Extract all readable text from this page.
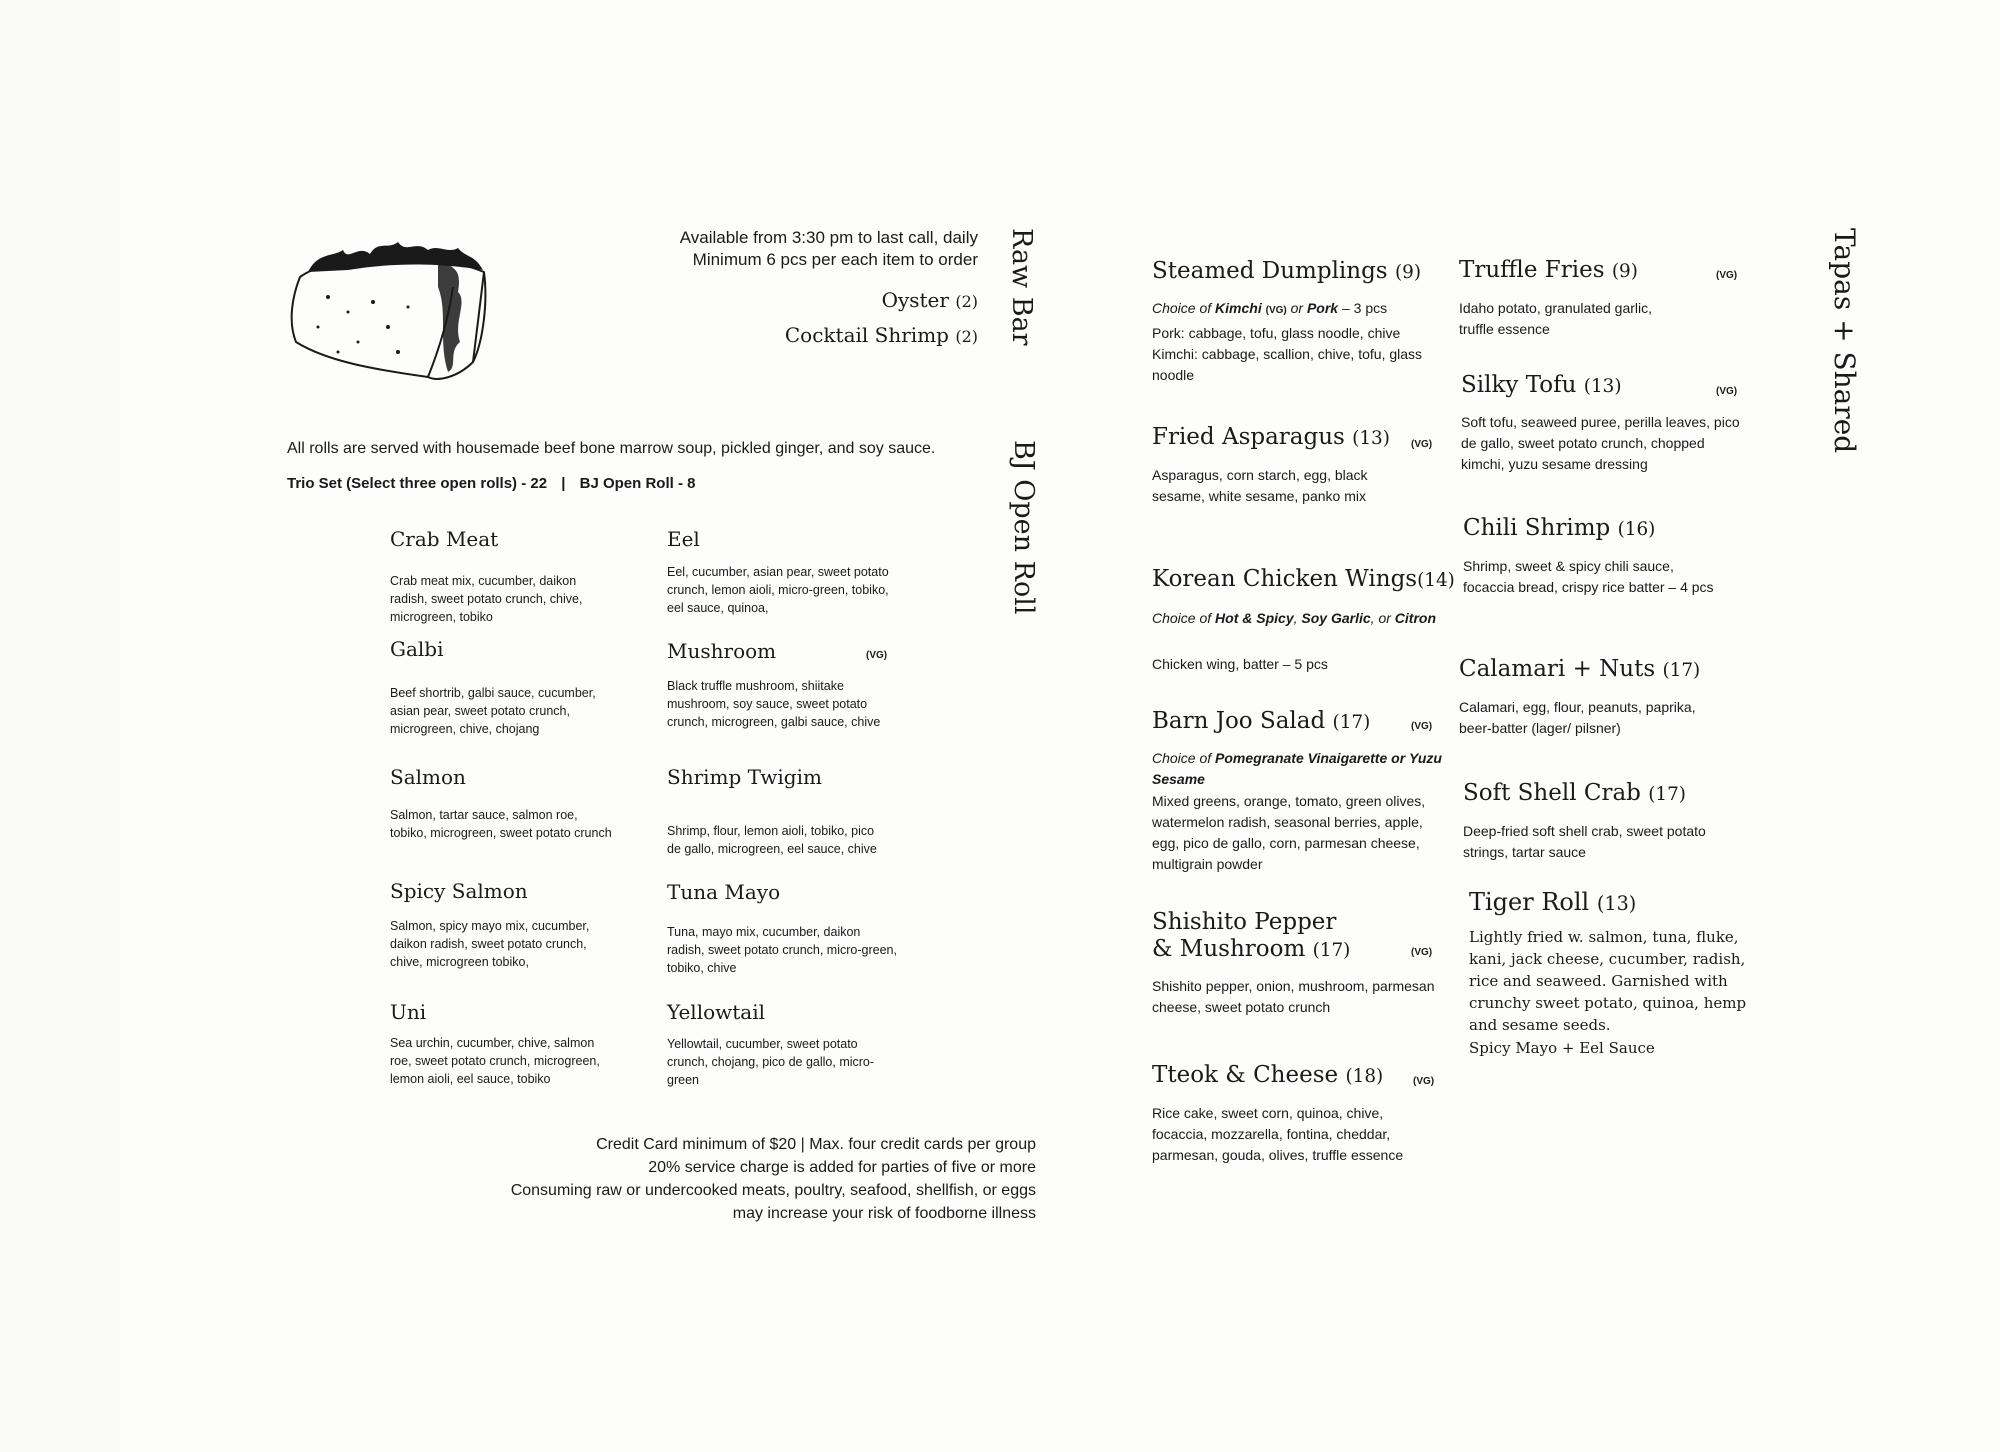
Available from 3:30 pm to last call, daily
Minimum 6 pcs per each item to order
Oyster (2)
Cocktail Shrimp (2) Raw Bar
BJ Open Roll
All rolls are served with housemade beef bone marrow soup, pickled ginger, and soy sauce.
Trio Set (Select three open rolls) - 22 | BJ Open Roll - 8
Crab Meat
Crab meat mix, cucumber, daikon radish, sweet potato crunch, chive, microgreen, tobiko
Galbi
Beef shortrib, galbi sauce, cucumber, asian pear, sweet potato crunch, microgreen, chive, chojang
Salmon
Salmon, tartar sauce, salmon roe, tobiko, microgreen, sweet potato crunch
Spicy Salmon
Salmon, spicy mayo mix, cucumber, daikon radish, sweet potato crunch, chive, microgreen tobiko,
Uni
Sea urchin, cucumber, chive, salmon roe, sweet potato crunch, microgreen, lemon aioli, eel sauce, tobiko
Eel
Eel, cucumber, asian pear, sweet potato crunch, lemon aioli, micro-green, tobiko, eel sauce, quinoa,
Mushroom	(VG)
Black truffle mushroom, shiitake mushroom, soy sauce, sweet potato crunch, microgreen, galbi sauce, chive
Shrimp Twigim
Shrimp, flour, lemon aioli, tobiko, pico de gallo, microgreen, eel sauce, chive
Tuna Mayo
Tuna, mayo mix, cucumber, daikon radish, sweet potato crunch, micro-green, tobiko, chive
Yellowtail
Yellowtail, cucumber, sweet potato crunch, chojang, pico de gallo, micro-green
Credit Card minimum of $20 | Max. four credit cards per group
20% service charge is added for parties of five or more
Consuming raw or undercooked meats, poultry, seafood, shellfish, or eggs
may increase your risk of foodborne illness
Tapas + Shared
Steamed Dumplings (9)
Choice of Kimchi (VG) or Pork – 3 pcs
Pork: cabbage, tofu, glass noodle, chive
Kimchi: cabbage, scallion, chive, tofu, glass noodle
Fried Asparagus (13) (VG)
Asparagus, corn starch, egg, black sesame, white sesame, panko mix
Korean Chicken Wings(14)
Choice of Hot & Spicy, Soy Garlic, or Citron
Chicken wing, batter – 5 pcs
Barn Joo Salad (17)	(VG)
Choice of Pomegranate Vinaigarette or Yuzu Sesame
Mixed greens, orange, tomato, green olives, watermelon radish, seasonal berries, apple, egg, pico de gallo, corn, parmesan cheese, multigrain powder
Shishito Pepper
& Mushroom (17)	(VG)
Shishito pepper, onion, mushroom, parmesan cheese, sweet potato crunch
Tteok & Cheese (18)	(VG)
Rice cake, sweet corn, quinoa, chive, focaccia, mozzarella, fontina, cheddar, parmesan, gouda, olives, truffle essence
Truffle Fries (9)	(VG)
Idaho potato, granulated garlic, truffle essence
Silky Tofu (13)	(VG)
Soft tofu, seaweed puree, perilla leaves, pico de gallo, sweet potato crunch, chopped kimchi, yuzu sesame dressing
Chili Shrimp (16)
Shrimp, sweet & spicy chili sauce, focaccia bread, crispy rice batter – 4 pcs
Calamari + Nuts (17)
Calamari, egg, flour, peanuts, paprika, beer-batter (lager/ pilsner)
Soft Shell Crab (17)
Deep-fried soft shell crab, sweet potato strings, tartar sauce
Tiger Roll (13)
Lightly fried w. salmon, tuna, fluke, kani, jack cheese, cucumber, radish, rice and seaweed. Garnished with crunchy sweet potato, quinoa, hemp and sesame seeds.
Spicy Mayo + Eel Sauce
